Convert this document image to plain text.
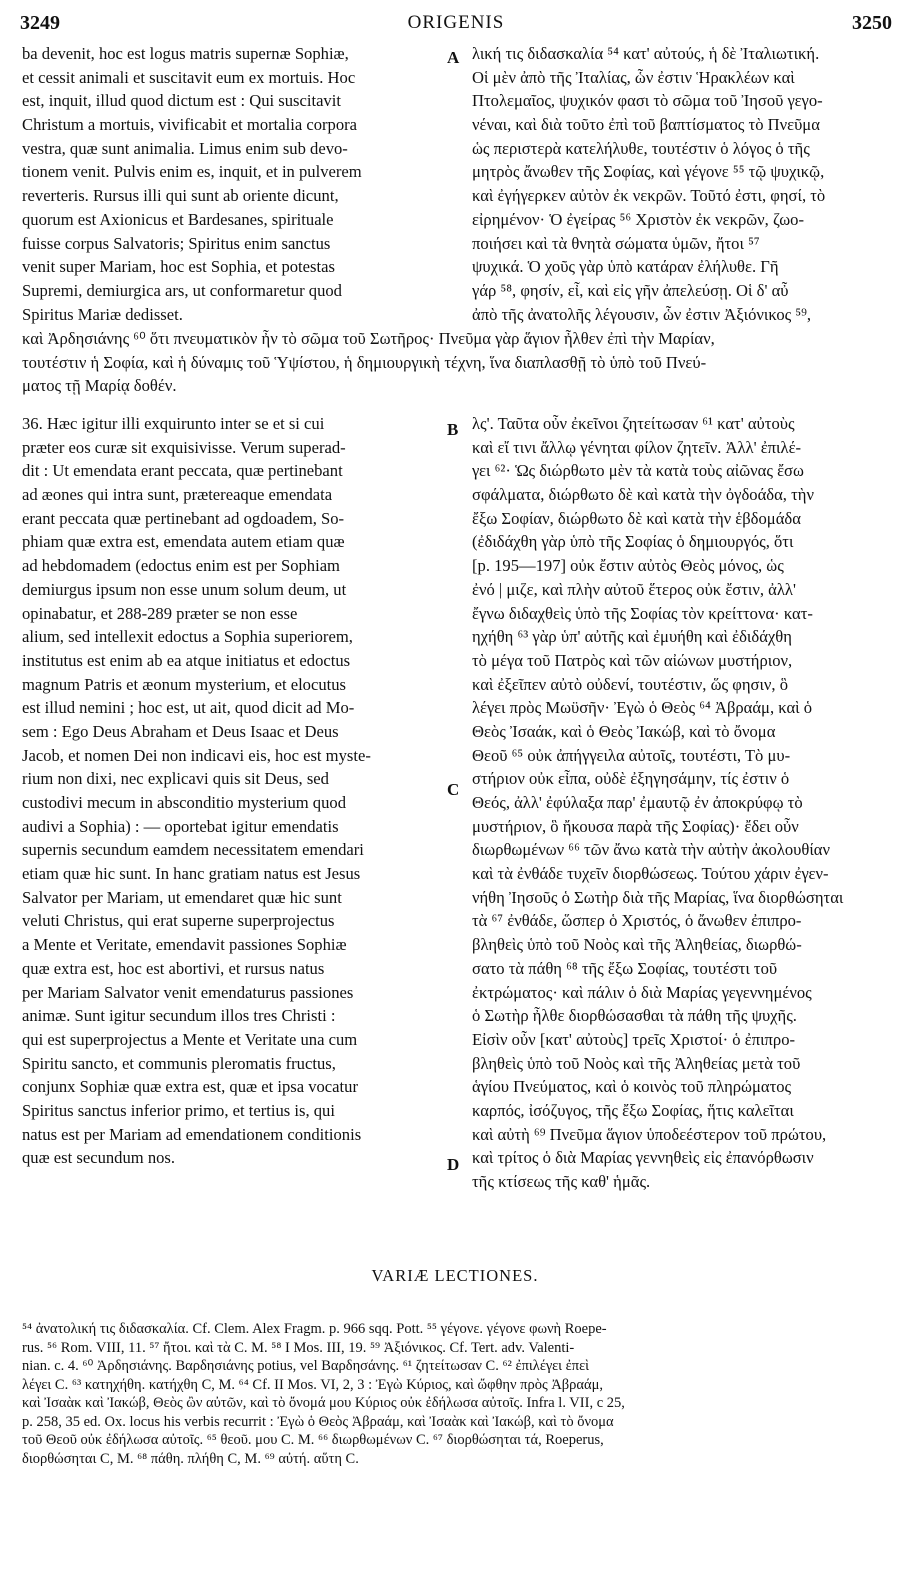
3249	ORIGENIS	3250
A
B
C
D
ba devenit, hoc est logus matris supernæ Sophiæ,
et cessit animali et suscitavit eum ex mortuis. Hoc
est, inquit, illud quod dictum est : Qui suscitavit
Christum a mortuis, vivificabit et mortalia corpora
vestra, quæ sunt animalia. Limus enim sub devo-
tionem venit. Pulvis enim es, inquit, et in pulverem
reverteris. Rursus illi qui sunt ab oriente dicunt,
quorum est Axionicus et Bardesanes, spirituale
fuisse corpus Salvatoris; Spiritus enim sanctus
venit super Mariam, hoc est Sophia, et potestas
Supremi, demiurgica ars, ut conformaretur quod
Spiritus Mariæ dedisset.
λική τις διδασκαλία ⁵⁴ κατ' αὐτούς, ἡ δὲ Ἰταλιωτική.
Οἱ μὲν ἀπὸ τῆς Ἰταλίας, ὧν ἐστιν Ἡρακλέων καὶ
Πτολεμαῖος, ψυχικόν φασι τὸ σῶμα τοῦ Ἰησοῦ γεγο-
νέναι, καὶ διὰ τοῦτο ἐπὶ τοῦ βαπτίσματος τὸ Πνεῦμα
ὡς περιστερὰ κατελήλυθε, τουτέστιν ὁ λόγος ὁ τῆς
μητρὸς ἄνωθεν τῆς Σοφίας, καὶ γέγονε ⁵⁵ τῷ ψυχικῷ,
καὶ ἐγήγερκεν αὐτὸν ἐκ νεκρῶν. Τοῦτό ἐστι, φησί, τὸ
εἰρημένον· Ὁ ἐγείρας ⁵⁶ Χριστὸν ἐκ νεκρῶν, ζωο-
ποιήσει καὶ τὰ θνητὰ σώματα ὑμῶν, ἤτοι ⁵⁷
ψυχικά. Ὁ χοῦς γὰρ ὑπὸ κατάραν ἐλήλυθε. Γῆ
γάρ ⁵⁸, φησίν, εἶ, καὶ εἰς γῆν ἀπελεύσῃ. Οἱ δ' αὖ
ἀπὸ τῆς ἀνατολῆς λέγουσιν, ὧν ἐστιν Ἀξιόνικος ⁵⁹,
καὶ Ἀρδησιάνης ⁶⁰ ὅτι πνευματικὸν ἦν τὸ σῶμα τοῦ Σωτῆρος· Πνεῦμα γὰρ ἅγιον ἦλθεν ἐπὶ τὴν Μαρίαν,
τουτέστιν ἡ Σοφία, καὶ ἡ δύναμις τοῦ Ὑψίστου, ἡ δημιουργικὴ τέχνη, ἵνα διαπλασθῇ τὸ ὑπὸ τοῦ Πνεύ-
ματος τῇ Μαρίᾳ δοθέν.
36. Hæc igitur illi exquirunto inter se et si cui
præter eos curæ sit exquisivisse. Verum superad-
dit : Ut emendata erant peccata, quæ pertinebant
ad æones qui intra sunt, prætereaque emendata
erant peccata quæ pertinebant ad ogdoadem, So-
phiam quæ extra est, emendata autem etiam quæ
ad hebdomadem (edoctus enim est per Sophiam
demiurgus ipsum non esse unum solum deum, ut
opinabatur, et 288-289 præter se non esse
alium, sed intellexit edoctus a Sophia superiorem,
institutus est enim ab ea atque initiatus et edoctus
magnum Patris et æonum mysterium, et elocutus
est illud nemini ; hoc est, ut ait, quod dicit ad Mo-
sem : Ego Deus Abraham et Deus Isaac et Deus
Jacob, et nomen Dei non indicavi eis, hoc est myste-
rium non dixi, nec explicavi quis sit Deus, sed
custodivi mecum in absconditio mysterium quod
audivi a Sophia) : — oportebat igitur emendatis
supernis secundum eamdem necessitatem emendari
etiam quæ hic sunt. In hanc gratiam natus est Jesus
Salvator per Mariam, ut emendaret quæ hic sunt
veluti Christus, qui erat superne superprojectus
a Mente et Veritate, emendavit passiones Sophiæ
quæ extra est, hoc est abortivi, et rursus natus
per Mariam Salvator venit emendaturus passiones
animæ. Sunt igitur secundum illos tres Christi :
qui est superprojectus a Mente et Veritate una cum
Spiritu sancto, et communis pleromatis fructus,
conjunx Sophiæ quæ extra est, quæ et ipsa vocatur
Spiritus sanctus inferior primo, et tertius is, qui
natus est per Mariam ad emendationem conditionis
quæ est secundum nos.
λς'. Ταῦτα οὖν ἐκεῖνοι ζητείτωσαν ⁶¹ κατ' αὐτοὺς
καὶ εἴ τινι ἄλλῳ γένηται φίλον ζητεῖν. Ἀλλ' ἐπιλέ-
γει ⁶²· Ὡς διώρθωτο μὲν τὰ κατὰ τοὺς αἰῶνας ἔσω
σφάλματα, διώρθωτο δὲ καὶ κατὰ τὴν ὀγδοάδα, τὴν
ἔξω Σοφίαν, διώρθωτο δὲ καὶ κατὰ τὴν ἑβδομάδα
(ἐδιδάχθη γὰρ ὑπὸ τῆς Σοφίας ὁ δημιουργός, ὅτι
[p. 195—197] οὐκ ἔστιν αὐτὸς Θεὸς μόνος, ὡς
ἐνό | μιζε, καὶ πλὴν αὐτοῦ ἕτερος οὐκ ἔστιν, ἀλλ'
ἔγνω διδαχθεὶς ὑπὸ τῆς Σοφίας τὸν κρείττονα· κατ-
ηχήθη ⁶³ γὰρ ὑπ' αὐτῆς καὶ ἐμυήθη καὶ ἐδιδάχθη
τὸ μέγα τοῦ Πατρὸς καὶ τῶν αἰώνων μυστήριον,
καὶ ἐξεῖπεν αὐτὸ οὐδενί, τουτέστιν, ὥς φησιν, ὃ
λέγει πρὸς Μωϋσῆν· Ἐγὼ ὁ Θεὸς ⁶⁴ Ἀβραάμ, καὶ ὁ
Θεὸς Ἰσαάκ, καὶ ὁ Θεὸς Ἰακώβ, καὶ τὸ ὄνομα
Θεοῦ ⁶⁵ οὐκ ἀπήγγειλα αὐτοῖς, τουτέστι, Τὸ μυ-
στήριον οὐκ εἶπα, οὐδὲ ἐξηγησάμην, τίς ἐστιν ὁ
Θεός, ἀλλ' ἐφύλαξα παρ' ἐμαυτῷ ἐν ἀποκρύφῳ τὸ
μυστήριον, ὃ ἤκουσα παρὰ τῆς Σοφίας)· ἔδει οὖν
διωρθωμένων ⁶⁶ τῶν ἄνω κατὰ τὴν αὐτὴν ἀκολουθίαν
καὶ τὰ ἐνθάδε τυχεῖν διορθώσεως. Τούτου χάριν ἐγεν-
νήθη Ἰησοῦς ὁ Σωτὴρ διὰ τῆς Μαρίας, ἵνα διορθώσηται
τὰ ⁶⁷ ἐνθάδε, ὥσπερ ὁ Χριστός, ὁ ἄνωθεν ἐπιπρο-
βληθεὶς ὑπὸ τοῦ Νοὸς καὶ τῆς Ἀληθείας, διωρθώ-
σατο τὰ πάθη ⁶⁸ τῆς ἔξω Σοφίας, τουτέστι τοῦ
ἐκτρώματος· καὶ πάλιν ὁ διὰ Μαρίας γεγεννημένος
ὁ Σωτὴρ ἦλθε διορθώσασθαι τὰ πάθη τῆς ψυχῆς.
Εἰσὶν οὖν [κατ' αὐτοὺς] τρεῖς Χριστοί· ὁ ἐπιπρο-
βληθεὶς ὑπὸ τοῦ Νοὸς καὶ τῆς Ἀληθείας μετὰ τοῦ
ἁγίου Πνεύματος, καὶ ὁ κοινὸς τοῦ πληρώματος
καρπός, ἰσόζυγος, τῆς ἔξω Σοφίας, ἥτις καλεῖται
καὶ αὐτὴ ⁶⁹ Πνεῦμα ἅγιον ὑποδεέστερον τοῦ πρώτου,
καὶ τρίτος ὁ διὰ Μαρίας γεννηθεὶς εἰς ἐπανόρθωσιν
τῆς κτίσεως τῆς καθ' ἡμᾶς.
VARIÆ LECTIONES.
⁵⁴ ἀνατολική τις διδασκαλία. Cf. Clem. Alex Fragm. p. 966 sqq. Pott. ⁵⁵ γέγονε. γέγονε φωνὴ Roepe-
rus. ⁵⁶ Rom. VIII, 11. ⁵⁷ ἤτοι. καὶ τὰ C. M. ⁵⁸ I Mos. III, 19. ⁵⁹ Ἀξιόνικος. Cf. Tert. adv. Valenti-
nian. c. 4. ⁶⁰ Ἀρδησιάνης. Βαρδησιάνης potius, vel Βαρδησάνης. ⁶¹ ζητείτωσαν C. ⁶² ἐπιλέγει ἐπεὶ
λέγει C. ⁶³ κατηχήθη. κατήχθη C, M. ⁶⁴ Cf. II Mos. VI, 2, 3 : Ἐγὼ Κύριος, καὶ ὤφθην πρὸς Ἀβραάμ,
καὶ Ἰσαὰκ καὶ Ἰακώβ, Θεὸς ὢν αὐτῶν, καὶ τὸ ὄνομά μου Κύριος οὐκ ἐδήλωσα αὐτοῖς. Infra l. VII, c 25,
p. 258, 35 ed. Ox. locus his verbis recurrit : Ἐγὼ ὁ Θεὸς Ἀβραάμ, καὶ Ἰσαὰκ καὶ Ἰακώβ, καὶ τὸ ὄνομα
τοῦ Θεοῦ οὐκ ἐδήλωσα αὐτοῖς. ⁶⁵ θεοῦ. μου C. M. ⁶⁶ διωρθωμένων C. ⁶⁷ διορθώσηται τά, Roeperus,
διορθώσηται C, M. ⁶⁸ πάθη. πλήθη C, M. ⁶⁹ αὐτή. αὕτη C.
